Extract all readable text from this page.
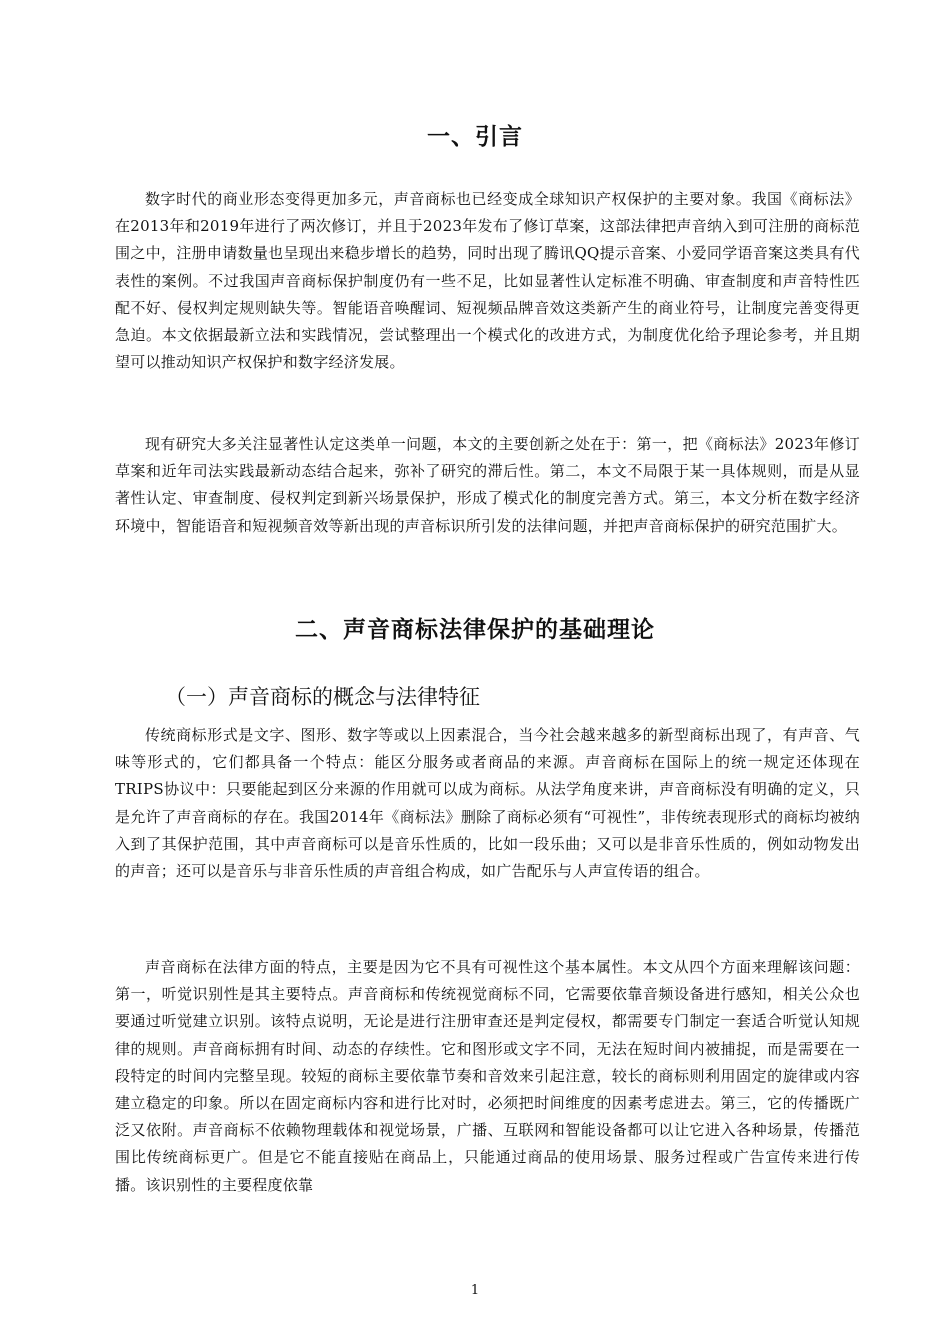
一、引言

数字时代的商业形态变得更加多元，声音商标也已经变成全球知识产权保护的主要对象。我国《商标法》在2013年和2019年进行了两次修订，并且于2023年发布了修订草案，这部法律把声音纳入到可注册的商标范围之中，注册申请数量也呈现出来稳步增长的趋势，同时出现了腾讯QQ提示音案、小爱同学语音案这类具有代表性的案例。不过我国声音商标保护制度仍有一些不足，比如显著性认定标准不明确、审查制度和声音特性匹配不好、侵权判定规则缺失等。智能语音唤醒词、短视频品牌音效这类新产生的商业符号，让制度完善变得更急迫。本文依据最新立法和实践情况，尝试整理出一个模式化的改进方式，为制度优化给予理论参考，并且期望可以推动知识产权保护和数字经济发展。

现有研究大多关注显著性认定这类单一问题，本文的主要创新之处在于：第一，把《商标法》2023年修订草案和近年司法实践最新动态结合起来，弥补了研究的滞后性。第二，本文不局限于某一具体规则，而是从显著性认定、审查制度、侵权判定到新兴场景保护，形成了模式化的制度完善方式。第三，本文分析在数字经济环境中，智能语音和短视频音效等新出现的声音标识所引发的法律问题，并把声音商标保护的研究范围扩大。

二、声音商标法律保护的基础理论
（一）声音商标的概念与法律特征

传统商标形式是文字、图形、数字等或以上因素混合，当今社会越来越多的新型商标出现了，有声音、气味等形式的，它们都具备一个特点：能区分服务或者商品的来源。声音商标在国际上的统一规定还体现在TRIPS协议中：只要能起到区分来源的作用就可以成为商标。从法学角度来讲，声音商标没有明确的定义，只是允许了声音商标的存在。我国2014年《商标法》删除了商标必须有“可视性”，非传统表现形式的商标均被纳入到了其保护范围，其中声音商标可以是音乐性质的，比如一段乐曲；又可以是非音乐性质的，例如动物发出的声音；还可以是音乐与非音乐性质的声音组合构成，如广告配乐与人声宣传语的组合。

声音商标在法律方面的特点，主要是因为它不具有可视性这个基本属性。本文从四个方面来理解该问题：第一，听觉识别性是其主要特点。声音商标和传统视觉商标不同，它需要依靠音频设备进行感知，相关公众也要通过听觉建立识别。该特点说明，无论是进行注册审查还是判定侵权，都需要专门制定一套适合听觉认知规律的规则。声音商标拥有时间、动态的存续性。它和图形或文字不同，无法在短时间内被捕捉，而是需要在一段特定的时间内完整呈现。较短的商标主要依靠节奏和音效来引起注意，较长的商标则利用固定的旋律或内容建立稳定的印象。所以在固定商标内容和进行比对时，必须把时间维度的因素考虑进去。第三，它的传播既广泛又依附。声音商标不依赖物理载体和视觉场景，广播、互联网和智能设备都可以让它进入各种场景，传播范围比传统商标更广。但是它不能直接贴在商品上，只能通过商品的使用场景、服务过程或广告宣传来进行传播。该识别性的主要程度依靠

1
